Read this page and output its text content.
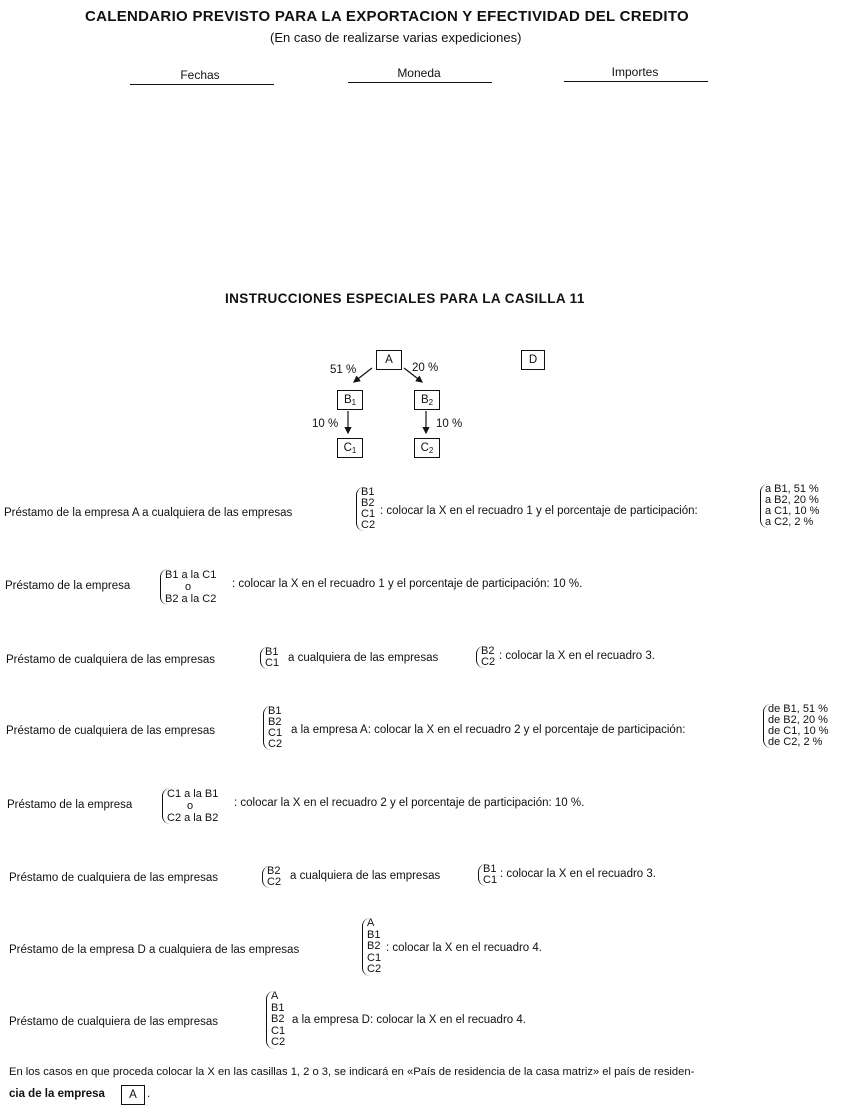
CALENDARIO PREVISTO PARA LA EXPORTACION Y EFECTIVIDAD DEL CREDITO
(En caso de realizarse varias expediciones)
Fechas	Moneda	Importes
INSTRUCCIONES ESPECIALES PARA LA CASILLA 11
A	D
$B_1$	$B_2$
$C_1$	$C_2$
51 %	20 %
10 %	10 %
Préstamo de la empresa A a cualquiera de las empresas
B1
B2
C1
C2
: colocar la X en el recuadro 1 y el porcentaje de participación:
a B1, 51 %
a B2, 20 %
a C1, 10 %
a C2, 2 %
Préstamo de la empresa
B1 a la C1
o
B2 a la C2
: colocar la X en el recuadro 1 y el porcentaje de participación: 10 %.
Préstamo de cualquiera de las empresas
B1
C1 a cualquiera de las empresas
B2
C2 : colocar la X en el recuadro 3.
Préstamo de cualquiera de las empresas
B1
B2
C1
C2
a la empresa A: colocar la X en el recuadro 2 y el porcentaje de participación:
de B1, 51 %
de B2, 20 %
de C1, 10 %
de C2, 2 %
Préstamo de la empresa
C1 a la B1
o
C2 a la B2
: colocar la X en el recuadro 2 y el porcentaje de participación: 10 %.
Préstamo de cualquiera de las empresas
B2
C2 a cualquiera de las empresas
B1
C1 : colocar la X en el recuadro 3.
Préstamo de la empresa D a cualquiera de las empresas
A
B1
B2
C1
C2
: colocar la X en el recuadro 4.
Préstamo de cualquiera de las empresas
A
B1
B2
C1
C2
a la empresa D: colocar la X en el recuadro 4.
En los casos en que proceda colocar la X en las casillas 1, 2 o 3, se indicará en «País de residencia de la casa matriz» el país de residen-
cia de la empresa	A .
